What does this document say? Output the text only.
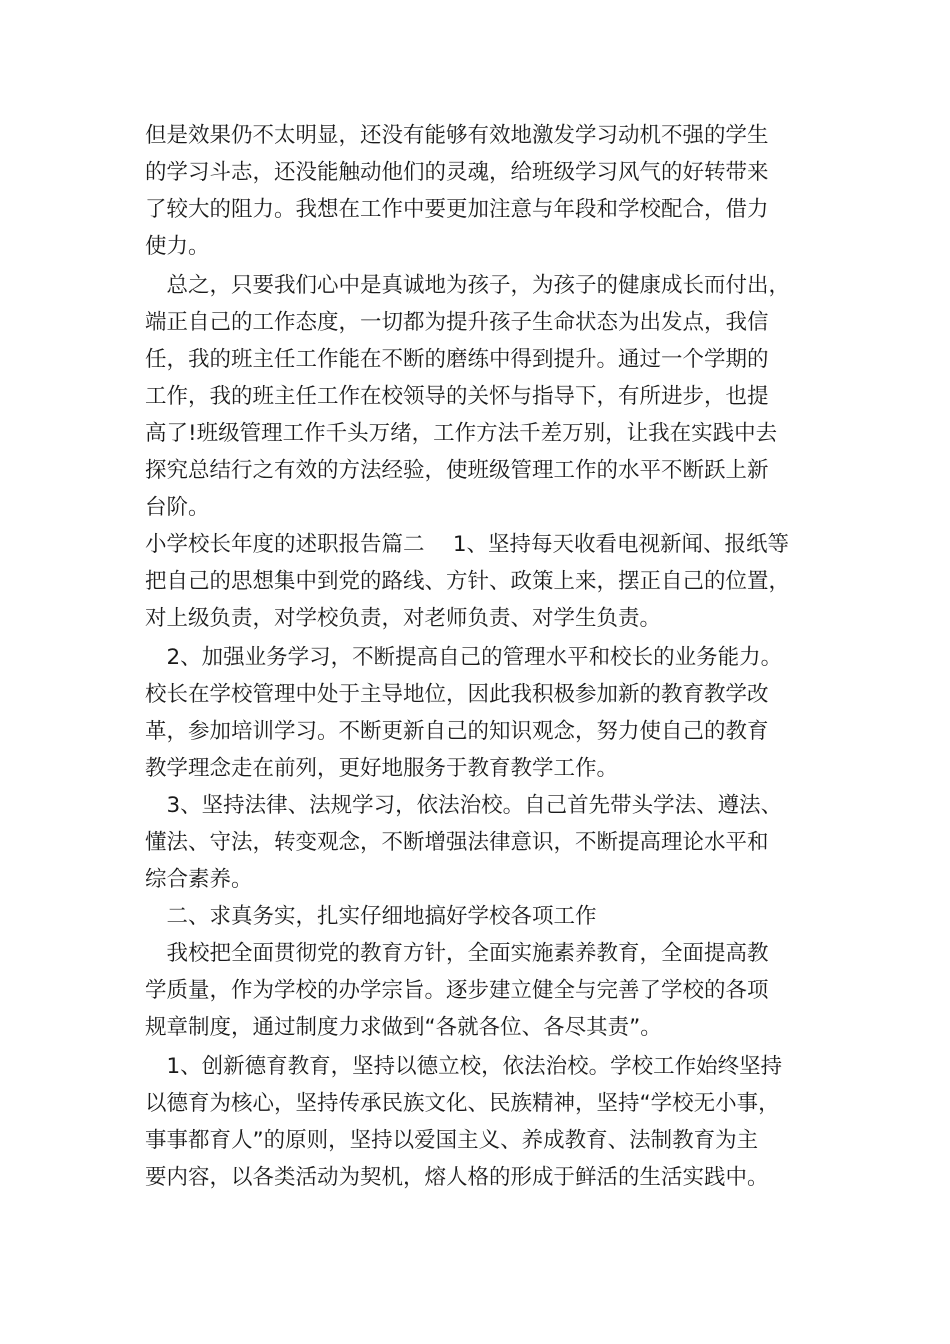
但是效果仍不太明显，还没有能够有效地激发学习动机不强的学生
的学习斗志，还没能触动他们的灵魂，给班级学习风气的好转带来
了较大的阻力。我想在工作中要更加注意与年段和学校配合，借力
使力。
　总之，只要我们心中是真诚地为孩子，为孩子的健康成长而付出，
端正自己的工作态度，一切都为提升孩子生命状态为出发点，我信
任，我的班主任工作能在不断的磨练中得到提升。通过一个学期的
工作，我的班主任工作在校领导的关怀与指导下，有所进步，也提
高了!班级管理工作千头万绪，工作方法千差万别，让我在实践中去
探究总结行之有效的方法经验，使班级管理工作的水平不断跃上新
台阶。
小学校长年度的述职报告篇二　 1、坚持每天收看电视新闻、报纸等
把自己的思想集中到党的路线、方针、政策上来，摆正自己的位置，
对上级负责，对学校负责，对老师负责、对学生负责。
　2、加强业务学习，不断提高自己的管理水平和校长的业务能力。
校长在学校管理中处于主导地位，因此我积极参加新的教育教学改
革，参加培训学习。不断更新自己的知识观念，努力使自己的教育
教学理念走在前列，更好地服务于教育教学工作。
　3、坚持法律、法规学习，依法治校。自己首先带头学法、遵法、
懂法、守法，转变观念，不断增强法律意识，不断提高理论水平和
综合素养。
　二、求真务实，扎实仔细地搞好学校各项工作
　我校把全面贯彻党的教育方针，全面实施素养教育，全面提高教
学质量，作为学校的办学宗旨。逐步建立健全与完善了学校的各项
规章制度，通过制度力求做到“各就各位、各尽其责”。
　1、创新德育教育，坚持以德立校，依法治校。学校工作始终坚持
以德育为核心，坚持传承民族文化、民族精神，坚持“学校无小事，
事事都育人”的原则，坚持以爱国主义、养成教育、法制教育为主
要内容，以各类活动为契机，熔人格的形成于鲜活的生活实践中。
